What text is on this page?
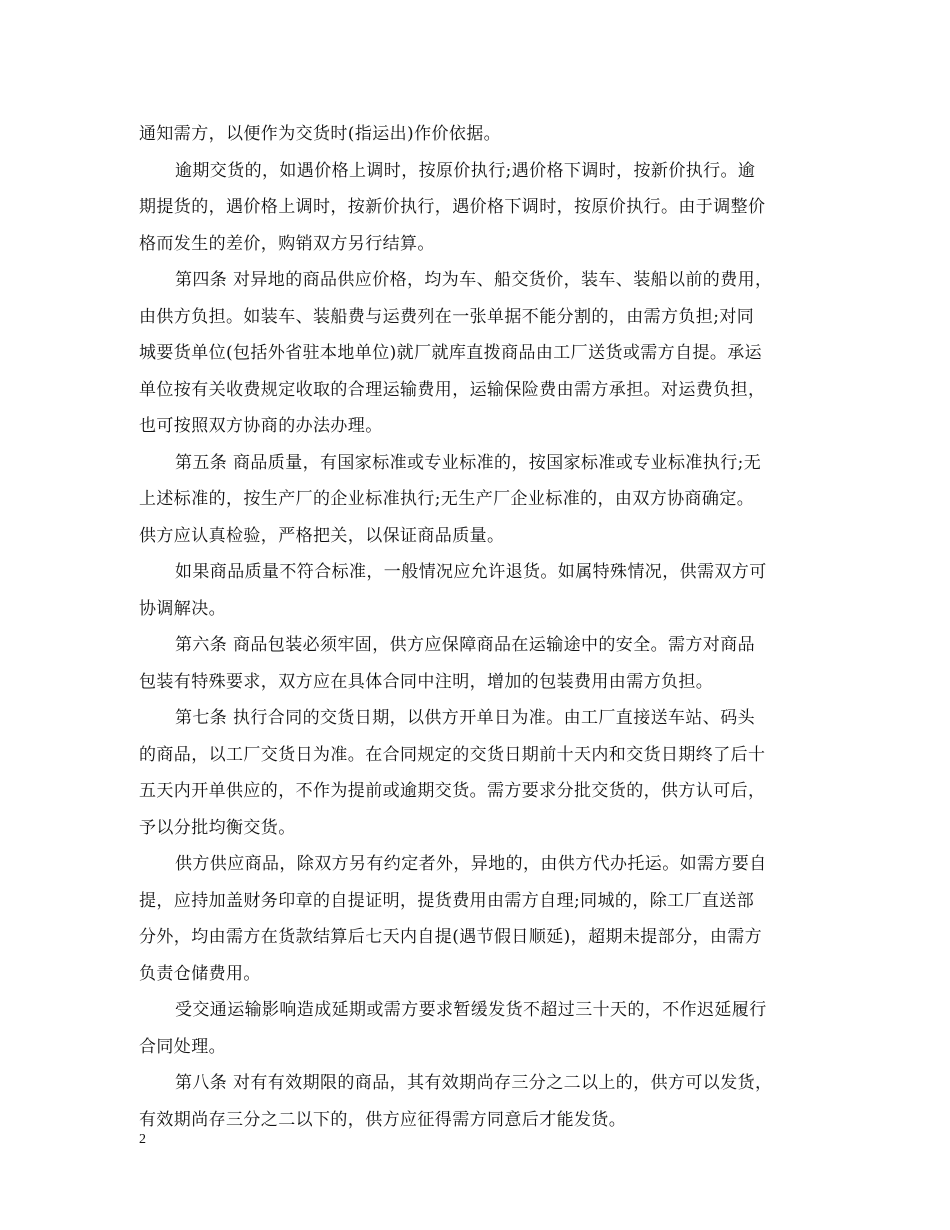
通知需方，以便作为交货时(指运出)作价依据。
逾期交货的，如遇价格上调时，按原价执行;遇价格下调时，按新价执行。逾
期提货的，遇价格上调时，按新价执行，遇价格下调时，按原价执行。由于调整价
格而发生的差价，购销双方另行结算。
第四条 对异地的商品供应价格，均为车、船交货价，装车、装船以前的费用，
由供方负担。如装车、装船费与运费列在一张单据不能分割的，由需方负担;对同
城要货单位(包括外省驻本地单位)就厂就库直拨商品由工厂送货或需方自提。承运
单位按有关收费规定收取的合理运输费用，运输保险费由需方承担。对运费负担，
也可按照双方协商的办法办理。
第五条 商品质量，有国家标准或专业标准的，按国家标准或专业标准执行;无
上述标准的，按生产厂的企业标准执行;无生产厂企业标准的，由双方协商确定。
供方应认真检验，严格把关，以保证商品质量。
如果商品质量不符合标准，一般情况应允许退货。如属特殊情况，供需双方可
协调解决。
第六条 商品包装必须牢固，供方应保障商品在运输途中的安全。需方对商品
包装有特殊要求，双方应在具体合同中注明，增加的包装费用由需方负担。
第七条 执行合同的交货日期，以供方开单日为准。由工厂直接送车站、码头
的商品，以工厂交货日为准。在合同规定的交货日期前十天内和交货日期终了后十
五天内开单供应的，不作为提前或逾期交货。需方要求分批交货的，供方认可后，
予以分批均衡交货。
供方供应商品，除双方另有约定者外，异地的，由供方代办托运。如需方要自
提，应持加盖财务印章的自提证明，提货费用由需方自理;同城的，除工厂直送部
分外，均由需方在货款结算后七天内自提(遇节假日顺延)，超期未提部分，由需方
负责仓储费用。
受交通运输影响造成延期或需方要求暂缓发货不超过三十天的，不作迟延履行
合同处理。
第八条 对有有效期限的商品，其有效期尚存三分之二以上的，供方可以发货，
有效期尚存三分之二以下的，供方应征得需方同意后才能发货。
2
